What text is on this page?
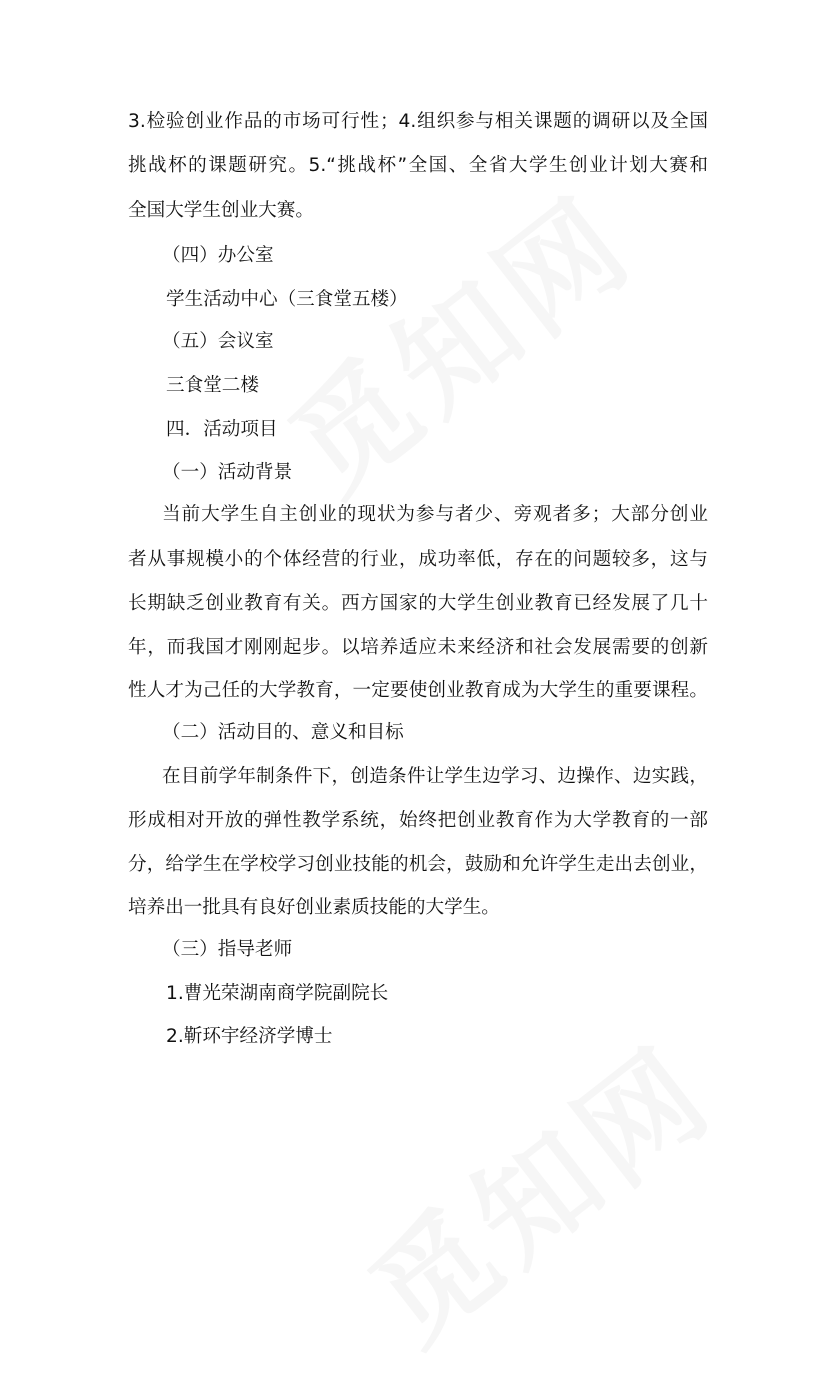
3.检验创业作品的市场可行性；4.组织参与相关课题的调研以及全国
挑战杯的课题研究。5.“挑战杯”全国、全省大学生创业计划大赛和
全国大学生创业大赛。
（四）办公室
学生活动中心（三食堂五楼）
（五）会议室
三食堂二楼
四．活动项目
（一）活动背景
当前大学生自主创业的现状为参与者少、旁观者多；大部分创业
者从事规模小的个体经营的行业，成功率低，存在的问题较多，这与
长期缺乏创业教育有关。西方国家的大学生创业教育已经发展了几十
年，而我国才刚刚起步。以培养适应未来经济和社会发展需要的创新
性人才为己任的大学教育，一定要使创业教育成为大学生的重要课程。
（二）活动目的、意义和目标
在目前学年制条件下，创造条件让学生边学习、边操作、边实践，
形成相对开放的弹性教学系统，始终把创业教育作为大学教育的一部
分，给学生在学校学习创业技能的机会，鼓励和允许学生走出去创业，
培养出一批具有良好创业素质技能的大学生。
（三）指导老师
1.曹光荣湖南商学院副院长
2.靳环宇经济学博士
